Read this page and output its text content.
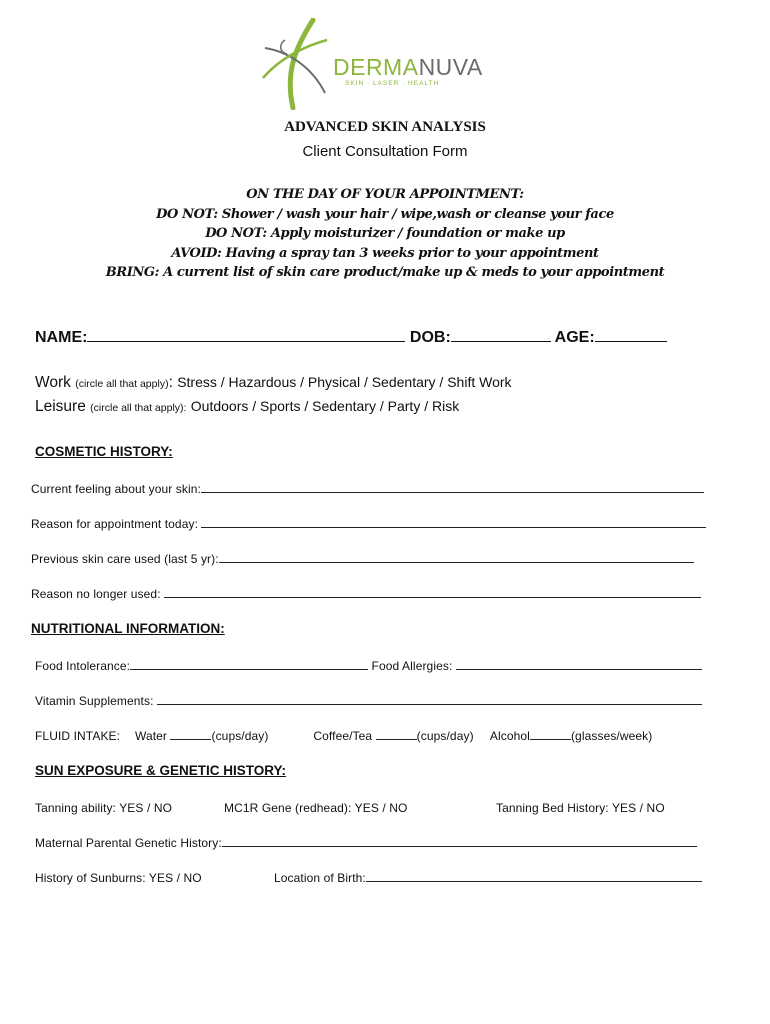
DERMANUVA
SKIN · LASER · HEALTH
ADVANCED SKIN ANALYSIS
Client Consultation Form
ON THE DAY OF YOUR APPOINTMENT:
DO NOT: Shower / wash your hair / wipe,wash or cleanse your face
DO NOT: Apply moisturizer / foundation or make up
AVOID: Having a spray tan 3 weeks prior to your appointment
BRING: A current list of skin care product/make up & meds to your appointment
NAME:	DOB:	AGE:
Work (circle all that apply): Stress / Hazardous / Physical / Sedentary / Shift Work
Leisure (circle all that apply): Outdoors / Sports / Sedentary / Party / Risk
COSMETIC HISTORY:
Current feeling about your skin:
Reason for appointment today:
Previous skin care used (last 5 yr):
Reason no longer used:
NUTRITIONAL INFORMATION:
Food Intolerance:	Food Allergies:
Vitamin Supplements:
FLUID INTAKE: Water	(cups/day)	Coffee/Tea	(cups/day) Alcohol	(glasses/week)
SUN EXPOSURE & GENETIC HISTORY:
Tanning ability: YES / NO	MC1R Gene (redhead): YES / NO	Tanning Bed History: YES / NO
Maternal Parental Genetic History:
History of Sunburns: YES / NO	Location of Birth:
